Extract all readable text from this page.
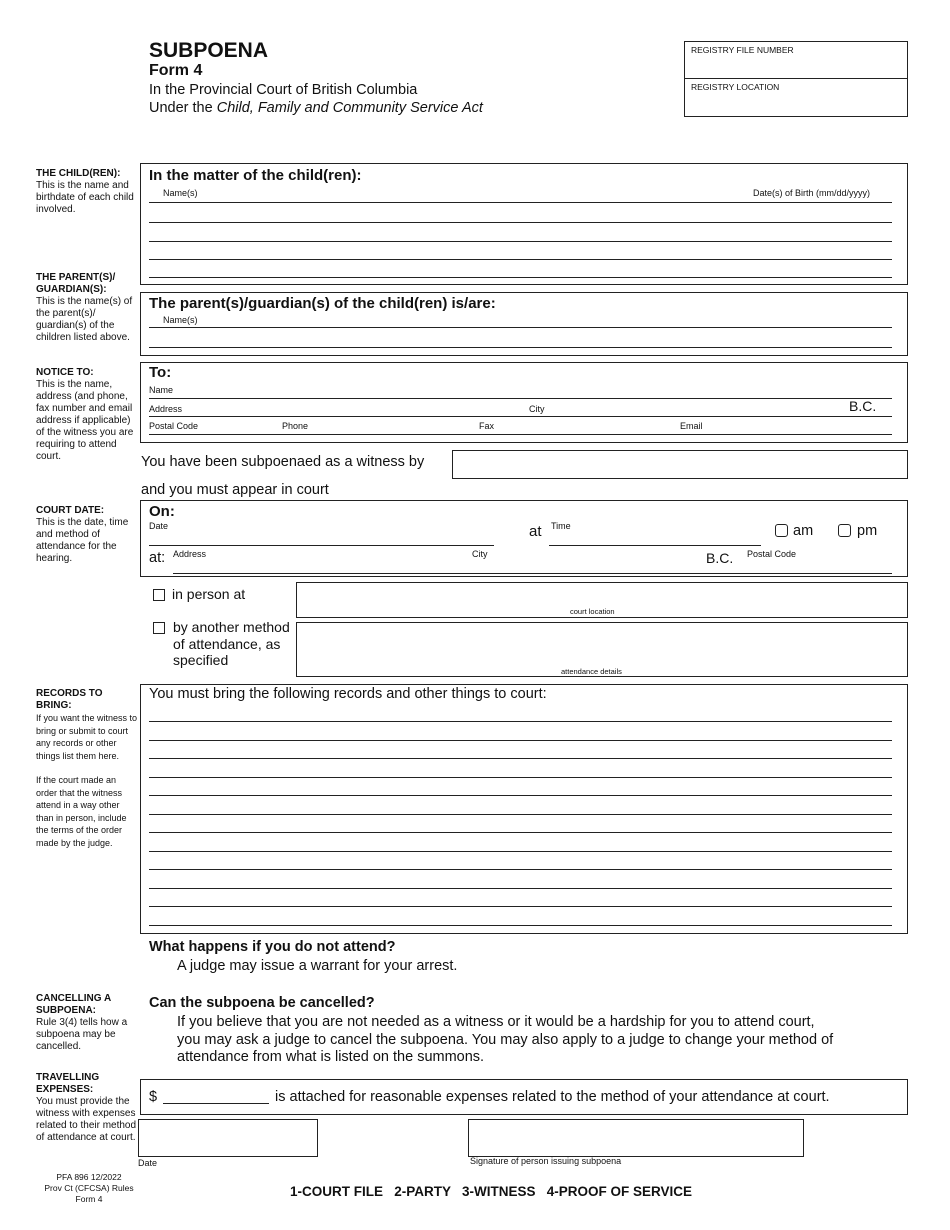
SUBPOENA
Form 4
In the Provincial Court of British Columbia
Under the Child, Family and Community Service Act
REGISTRY FILE NUMBER
REGISTRY LOCATION
THE CHILD(REN):
This is the name and birthdate of each child involved.
THE PARENT(S)/
GUARDIAN(S):
This is the name(s) of the parent(s)/ guardian(s) of the children listed above.
NOTICE TO:
This is the name, address (and phone, fax number and email address if applicable) of the witness you are requiring to attend court.
COURT DATE:
This is the date, time and method of attendance for the hearing.
RECORDS TO
BRING:
If you want the witness to bring or submit to court any records or other things list them here.
If the court made an order that the witness attend in a way other than in person, include the terms of the order made by the judge.
CANCELLING A
SUBPOENA:
Rule 3(4) tells how a subpoena may be cancelled.
TRAVELLING
EXPENSES:
You must provide the witness with expenses related to their method of attendance at court.
In the matter of the child(ren):
Name(s)	Date(s) of Birth (mm/dd/yyyy)
The parent(s)/guardian(s) of the child(ren) is/are:
Name(s)
To:
Name
Address	City	B.C.
Postal Code	Phone	Fax	Email
You have been subpoenaed as a witness by
and you must appear in court
On:
Date	at Time	am	pm
at: Address	City	B.C. Postal Code
in person at
court location
by another method
of attendance, as
specified
attendance details
You must bring the following records and other things to court:
What happens if you do not attend?
A judge may issue a warrant for your arrest.
Can the subpoena be cancelled?
If you believe that you are not needed as a witness or it would be a hardship for you to attend court,
you may ask a judge to cancel the subpoena. You may also apply to a judge to change your method of
attendance from what is listed on the summons.
$	is attached for reasonable expenses related to the method of your attendance at court.
Date	Signature of person issuing subpoena
PFA 896 12/2022
Prov Ct (CFCSA) Rules
Form 4	1-COURT FILE   2-PARTY   3-WITNESS   4-PROOF OF SERVICE
